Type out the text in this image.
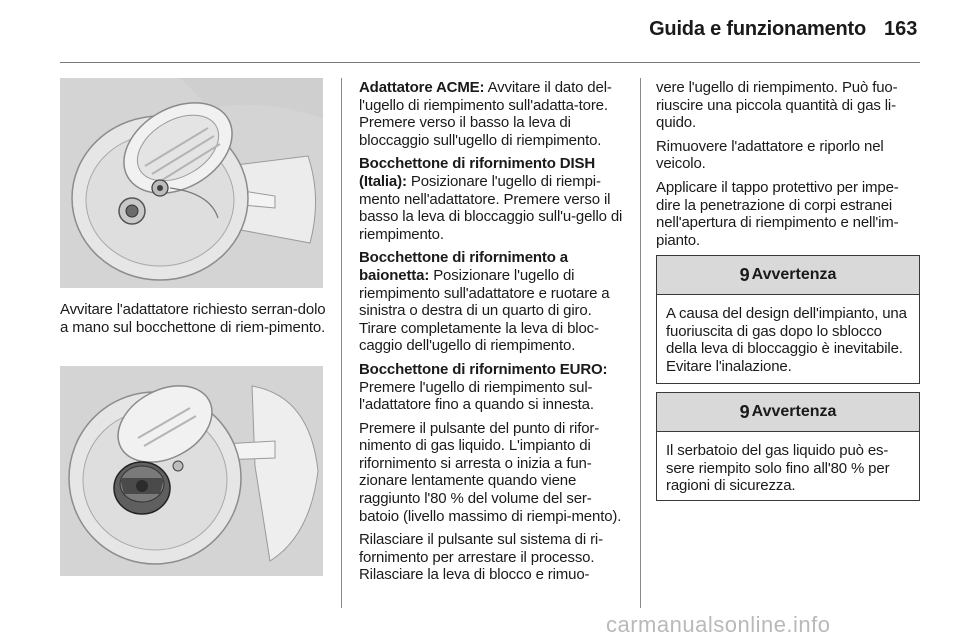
Guida e funzionamento 163
Avvitare l'adattatore richiesto serran-dolo a mano sul bocchettone di riem-pimento.

Adattatore ACME: Avvitare il dato del-l'ugello di riempimento sull'adatta-tore. Premere verso il basso la leva di bloccaggio sull'ugello di riempimento.

Bocchettone di rifornimento DISH (Italia): Posizionare l'ugello di riempi-mento nell'adattatore. Premere verso il basso la leva di bloccaggio sull'u-gello di riempimento.

Bocchettone di rifornimento a baionetta: Posizionare l'ugello di riempimento sull'adattatore e ruotare a sinistra o destra di un quarto di giro. Tirare completamente la leva di bloc-caggio dell'ugello di riempimento.

Bocchettone di rifornimento EURO: Premere l'ugello di riempimento sul-l'adattatore fino a quando si innesta.

Premere il pulsante del punto di rifor-nimento di gas liquido. L'impianto di rifornimento si arresta o inizia a fun-zionare lentamente quando viene raggiunto l'80 % del volume del ser-batoio (livello massimo di riempi-mento).

Rilasciare il pulsante sul sistema di ri-fornimento per arrestare il processo. Rilasciare la leva di blocco e rimuo-

vere l'ugello di riempimento. Può fuo-riuscire una piccola quantità di gas li-quido.

Rimuovere l'adattatore e riporlo nel veicolo.

Applicare il tappo protettivo per impe-dire la penetrazione di corpi estranei nell'apertura di riempimento e nell'im-pianto.

9 Avvertenza
A causa del design dell'impianto, una fuoriuscita di gas dopo lo sblocco della leva di bloccaggio è inevitabile. Evitare l'inalazione.
9 Avvertenza
Il serbatoio del gas liquido può es-sere riempito solo fino all'80 % per ragioni di sicurezza.
carmanualsonline.info
